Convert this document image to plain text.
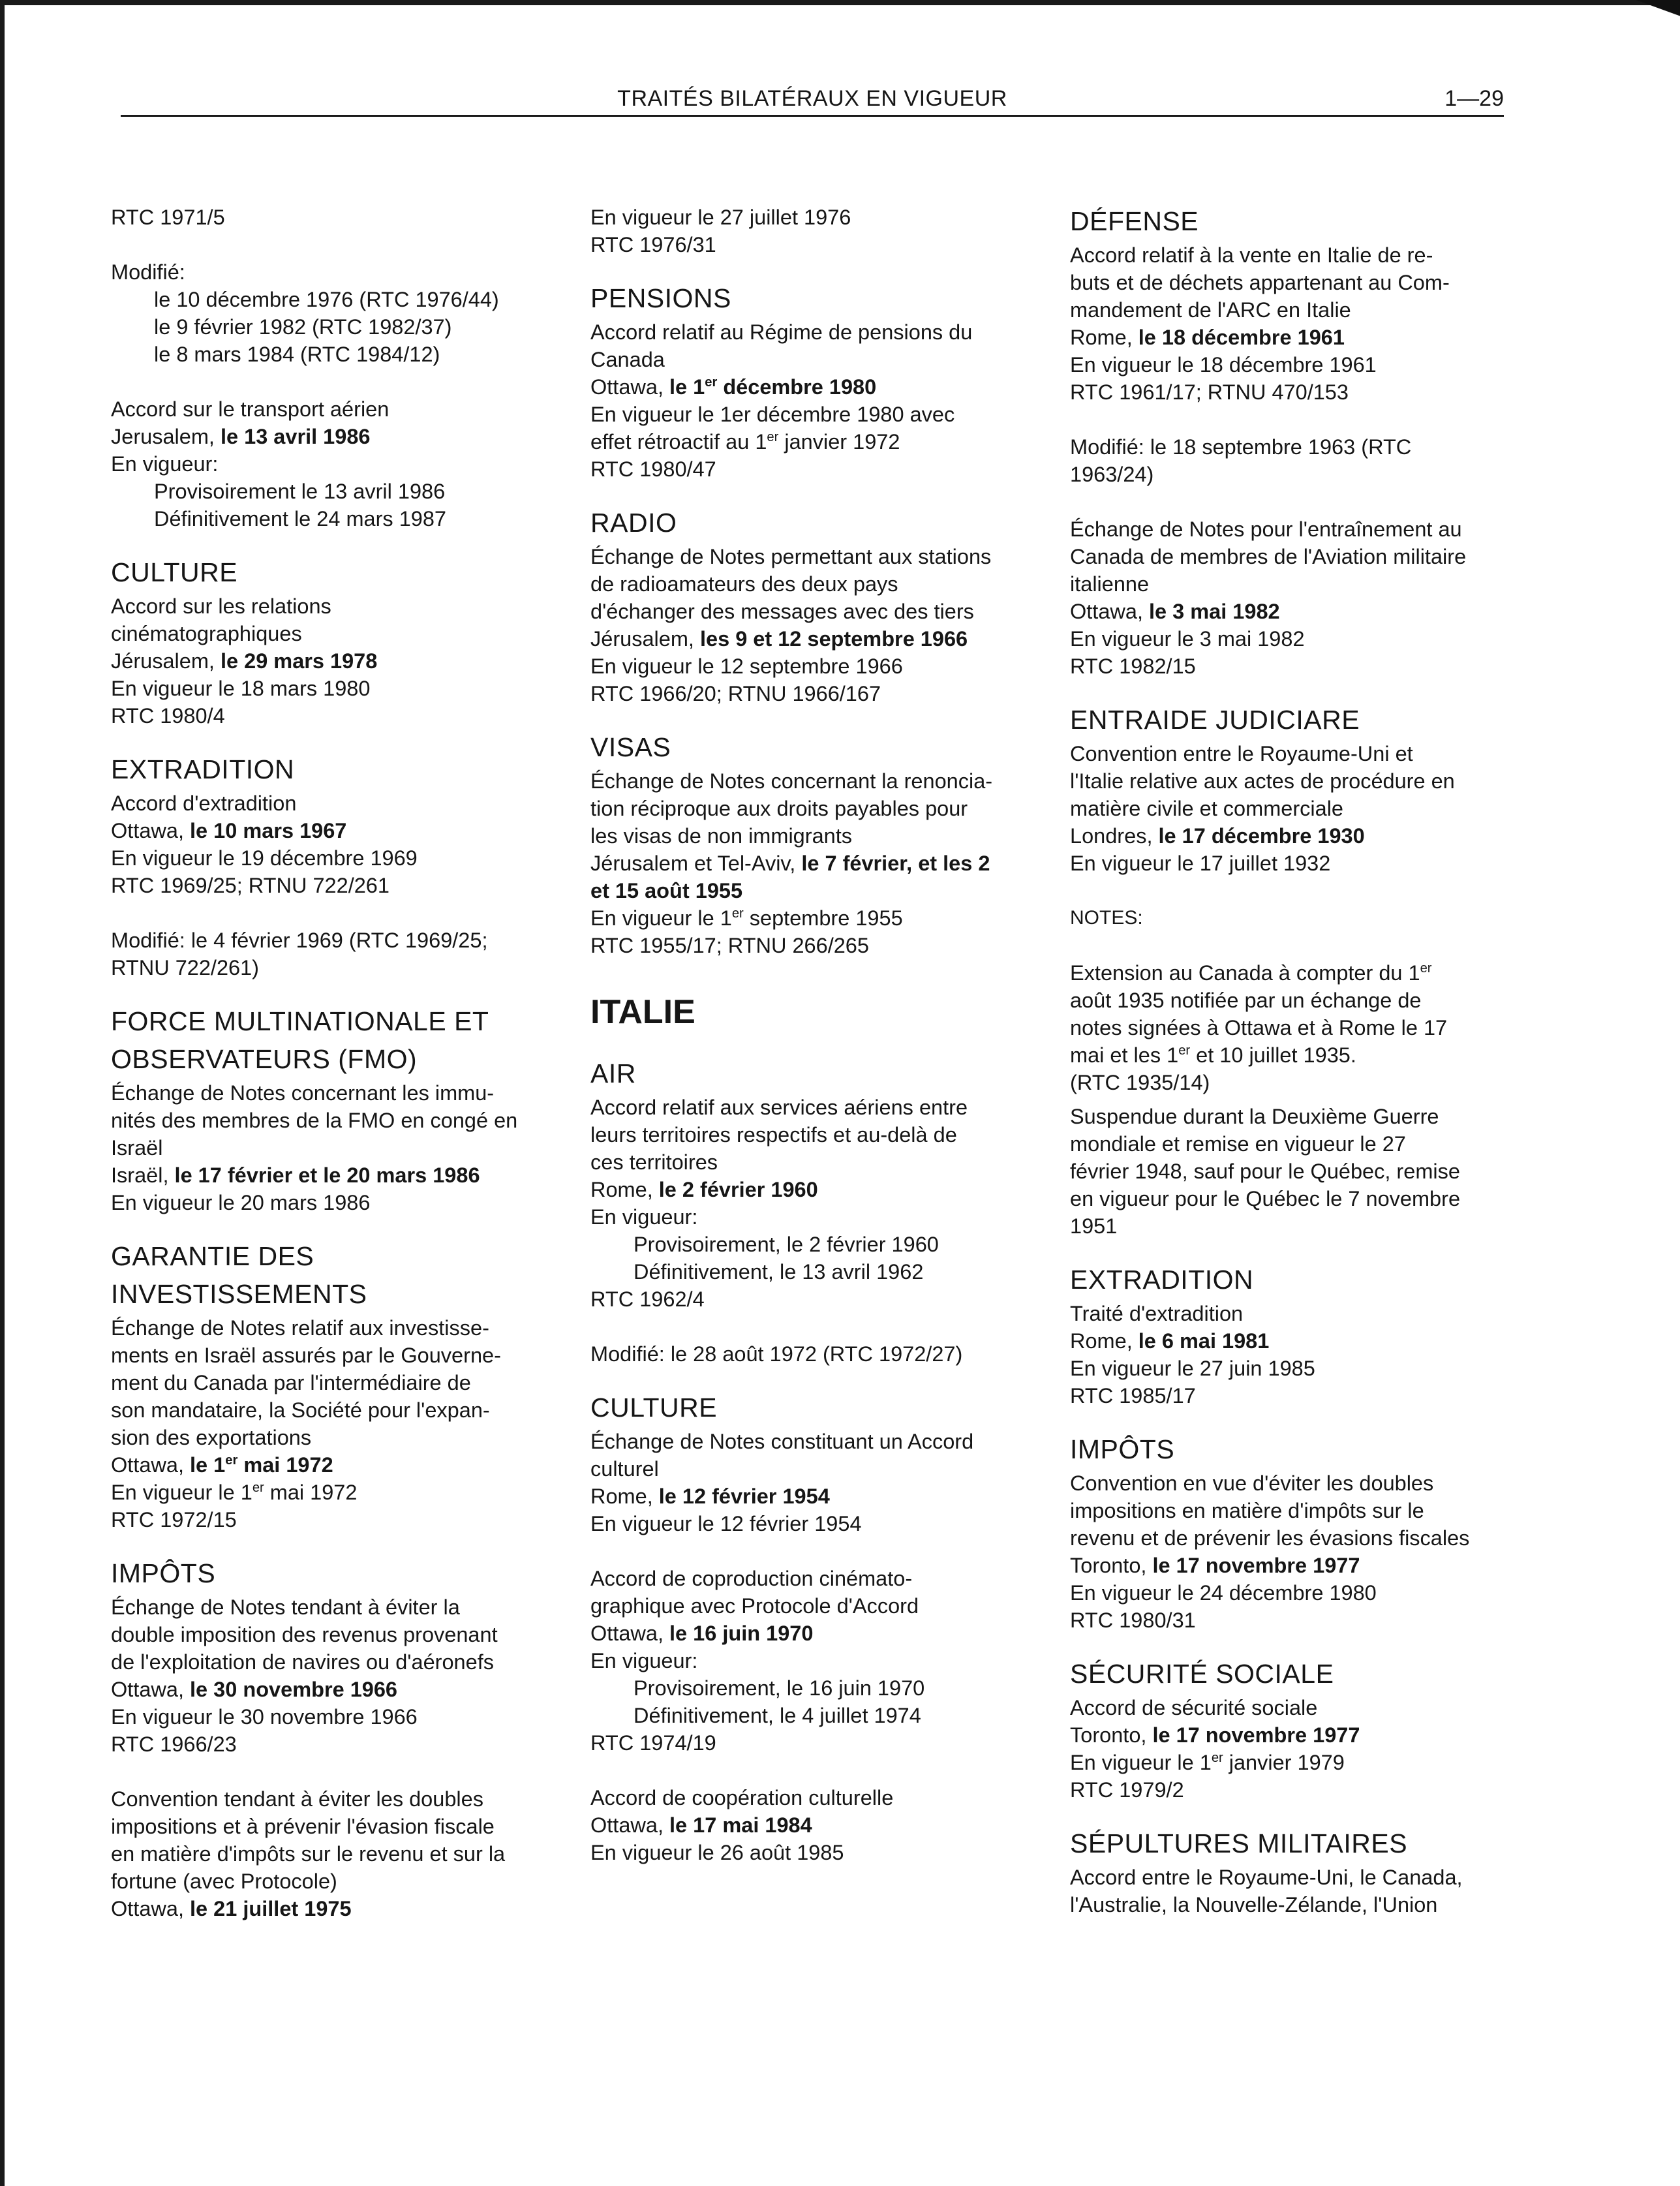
TRAITÉS BILATÉRAUX EN VIGUEUR	1—29
RTC 1971/5
Modifié:
le 10 décembre 1976 (RTC 1976/44)
le 9 février 1982 (RTC 1982/37)
le 8 mars 1984 (RTC 1984/12)
Accord sur le transport aérien
Jerusalem, le 13 avril 1986
En vigueur:
Provisoirement le 13 avril 1986
Définitivement le 24 mars 1987
CULTURE
Accord sur les relations
cinématographiques
Jérusalem, le 29 mars 1978
En vigueur le 18 mars 1980
RTC 1980/4
EXTRADITION
Accord d'extradition
Ottawa, le 10 mars 1967
En vigueur le 19 décembre 1969
RTC 1969/25; RTNU 722/261
Modifié: le 4 février 1969 (RTC 1969/25;
RTNU 722/261)
FORCE MULTINATIONALE ET
OBSERVATEURS (FMO)
Échange de Notes concernant les immu-
nités des membres de la FMO en congé en
Israël
Israël, le 17 février et le 20 mars 1986
En vigueur le 20 mars 1986
GARANTIE DES
INVESTISSEMENTS
Échange de Notes relatif aux investisse-
ments en Israël assurés par le Gouverne-
ment du Canada par l'intermédiaire de
son mandataire, la Société pour l'expan-
sion des exportations
Ottawa, le 1er mai 1972
En vigueur le 1er mai 1972
RTC 1972/15
IMPÔTS
Échange de Notes tendant à éviter la
double imposition des revenus provenant
de l'exploitation de navires ou d'aéronefs
Ottawa, le 30 novembre 1966
En vigueur le 30 novembre 1966
RTC 1966/23
Convention tendant à éviter les doubles
impositions et à prévenir l'évasion fiscale
en matière d'impôts sur le revenu et sur la
fortune (avec Protocole)
Ottawa, le 21 juillet 1975
En vigueur le 27 juillet 1976
RTC 1976/31
PENSIONS
Accord relatif au Régime de pensions du
Canada
Ottawa, le 1er décembre 1980
En vigueur le 1er décembre 1980 avec
effet rétroactif au 1er janvier 1972
RTC 1980/47
RADIO
Échange de Notes permettant aux stations
de radioamateurs des deux pays
d'échanger des messages avec des tiers
Jérusalem, les 9 et 12 septembre 1966
En vigueur le 12 septembre 1966
RTC 1966/20; RTNU 1966/167
VISAS
Échange de Notes concernant la renoncia-
tion réciproque aux droits payables pour
les visas de non immigrants
Jérusalem et Tel-Aviv, le 7 février, et les 2
et 15 août 1955
En vigueur le 1er septembre 1955
RTC 1955/17; RTNU 266/265
ITALIE
AIR
Accord relatif aux services aériens entre
leurs territoires respectifs et au-delà de
ces territoires
Rome, le 2 février 1960
En vigueur:
Provisoirement, le 2 février 1960
Définitivement, le 13 avril 1962
RTC 1962/4
Modifié: le 28 août 1972 (RTC 1972/27)
CULTURE
Échange de Notes constituant un Accord
culturel
Rome, le 12 février 1954
En vigueur le 12 février 1954
Accord de coproduction cinémato-
graphique avec Protocole d'Accord
Ottawa, le 16 juin 1970
En vigueur:
Provisoirement, le 16 juin 1970
Définitivement, le 4 juillet 1974
RTC 1974/19
Accord de coopération culturelle
Ottawa, le 17 mai 1984
En vigueur le 26 août 1985
DÉFENSE
Accord relatif à la vente en Italie de re-
buts et de déchets appartenant au Com-
mandement de l'ARC en Italie
Rome, le 18 décembre 1961
En vigueur le 18 décembre 1961
RTC 1961/17; RTNU 470/153
Modifié: le 18 septembre 1963 (RTC
1963/24)
Échange de Notes pour l'entraînement au
Canada de membres de l'Aviation militaire
italienne
Ottawa, le 3 mai 1982
En vigueur le 3 mai 1982
RTC 1982/15
ENTRAIDE JUDICIARE
Convention entre le Royaume-Uni et
l'Italie relative aux actes de procédure en
matière civile et commerciale
Londres, le 17 décembre 1930
En vigueur le 17 juillet 1932
NOTES:
Extension au Canada à compter du 1er
août 1935 notifiée par un échange de
notes signées à Ottawa et à Rome le 17
mai et les 1er et 10 juillet 1935.
(RTC 1935/14)
Suspendue durant la Deuxième Guerre
mondiale et remise en vigueur le 27
février 1948, sauf pour le Québec, remise
en vigueur pour le Québec le 7 novembre
1951
EXTRADITION
Traité d'extradition
Rome, le 6 mai 1981
En vigueur le 27 juin 1985
RTC 1985/17
IMPÔTS
Convention en vue d'éviter les doubles
impositions en matière d'impôts sur le
revenu et de prévenir les évasions fiscales
Toronto, le 17 novembre 1977
En vigueur le 24 décembre 1980
RTC 1980/31
SÉCURITÉ SOCIALE
Accord de sécurité sociale
Toronto, le 17 novembre 1977
En vigueur le 1er janvier 1979
RTC 1979/2
SÉPULTURES MILITAIRES
Accord entre le Royaume-Uni, le Canada,
l'Australie, la Nouvelle-Zélande, l'Union
